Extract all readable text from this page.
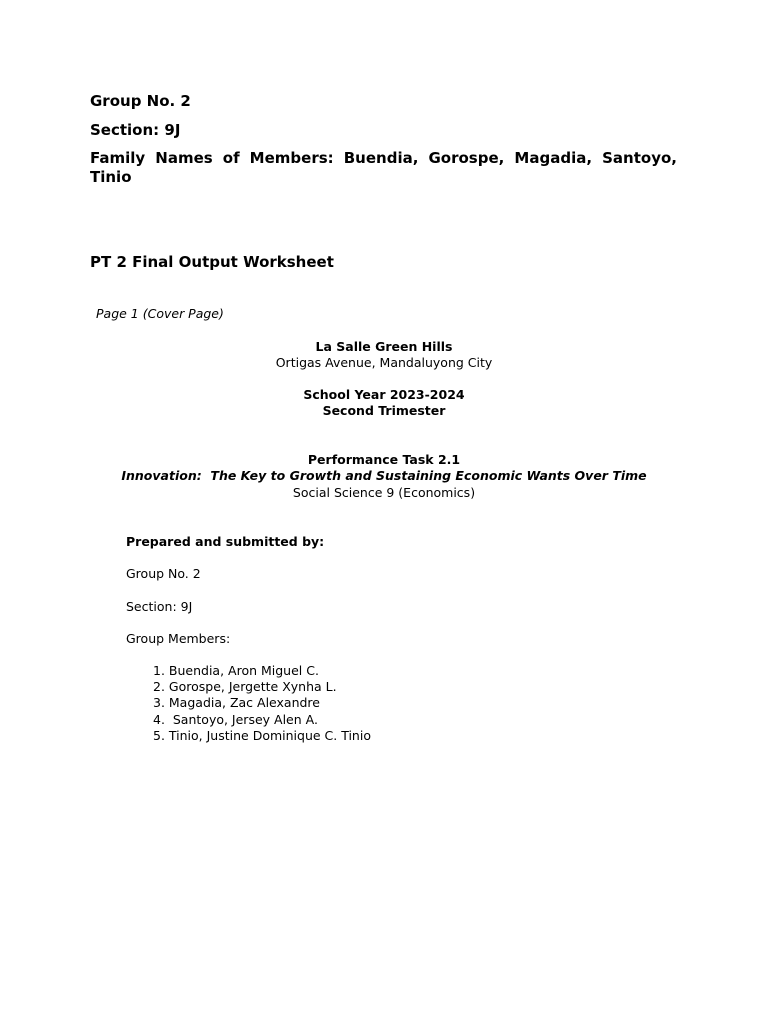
Group No. 2

Section: 9J

Family Names of Members: Buendia, Gorospe, Magadia, Santoyo, Tinio

PT 2 Final Output Worksheet

Page 1 (Cover Page)
La Salle Green Hills
Ortigas Avenue, Mandaluyong City
School Year 2023-2024
Second Trimester
Performance Task 2.1
Innovation:  The Key to Growth and Sustaining Economic Wants Over Time
Social Science 9 (Economics)
Prepared and submitted by:
Group No. 2
Section: 9J
Group Members:
1. Buendia, Aron Miguel C.
2. Gorospe, Jergette Xynha L.
3. Magadia, Zac Alexandre
4.  Santoyo, Jersey Alen A.
5. Tinio, Justine Dominique C. Tinio
